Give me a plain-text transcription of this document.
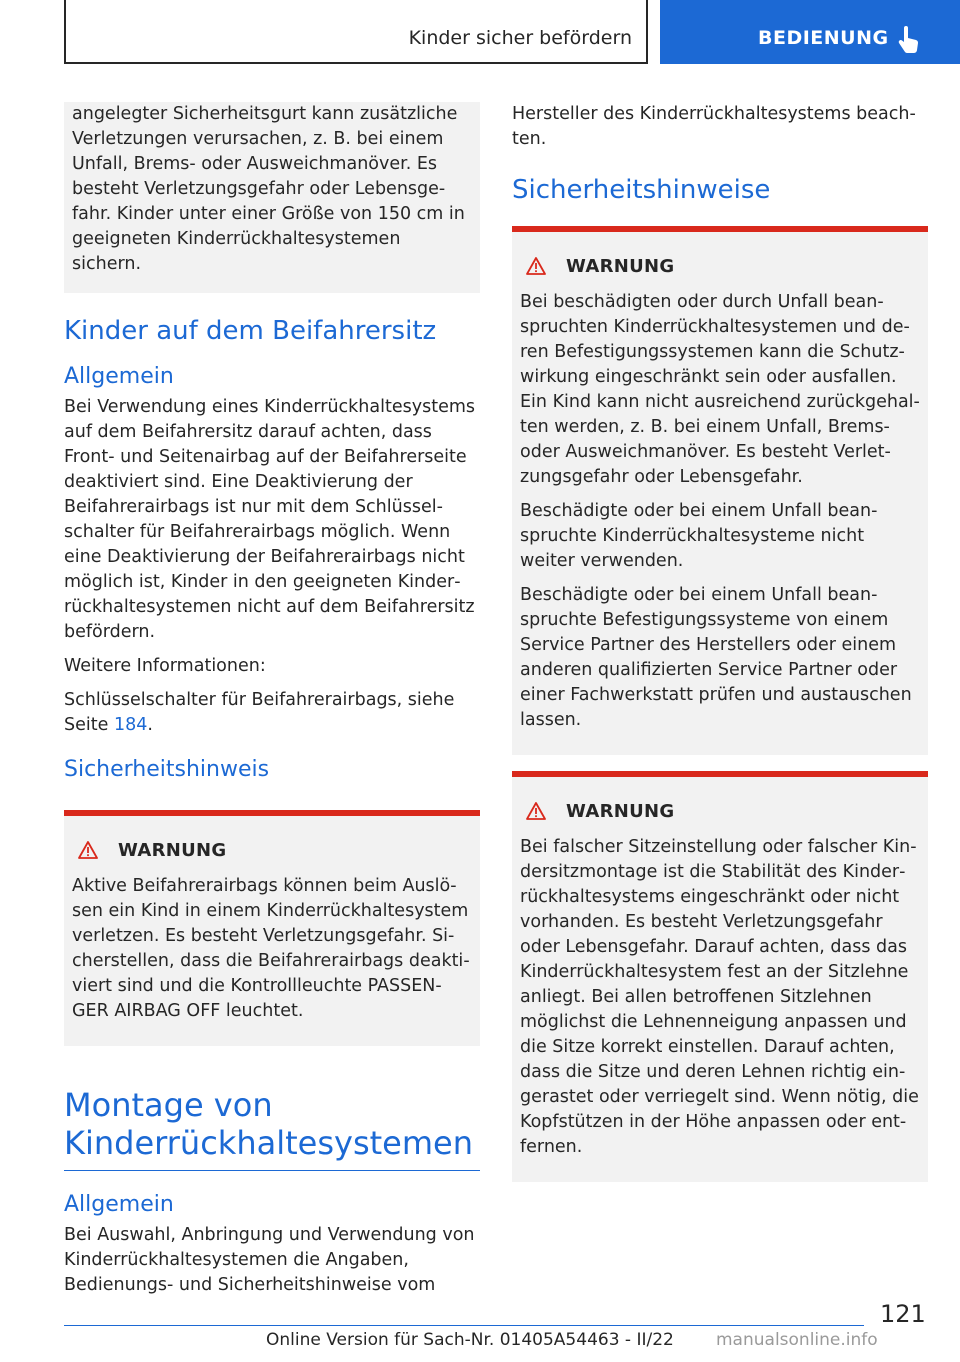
Kinder sicher befördern	BEDIENUNG

angelegter Sicherheitsgurt kann zusätzliche Verletzungen verursachen, z. B. bei einem Unfall, Brems- oder Ausweichmanöver. Es besteht Verletzungsgefahr oder Lebensgefahr. Kinder unter einer Größe von 150 cm in geeigneten Kinderrückhaltesystemen sichern.

Kinder auf dem Beifahrersitz
Allgemein

Bei Verwendung eines Kinderrückhaltesystems auf dem Beifahrersitz darauf achten, dass Front- und Seitenairbag auf der Beifahrerseite deaktiviert sind. Eine Deaktivierung der Beifahrerairbags ist nur mit dem Schlüsselschalter für Beifahrerairbags möglich. Wenn eine Deaktivierung der Beifahrerairbags nicht möglich ist, Kinder in den geeigneten Kinderrückhaltesystemen nicht auf dem Beifahrersitz befördern.

Weitere Informationen:

Schlüsselschalter für Beifahrerairbags, siehe Seite 184.

Sicherheitshinweis
WARNUNG

Aktive Beifahrerairbags können beim Auslösen ein Kind in einem Kinderrückhaltesystem verletzen. Es besteht Verletzungsgefahr. Sicherstellen, dass die Beifahrerairbags deaktiviert sind und die Kontrollleuchte PASSENGER AIRBAG OFF leuchtet.

Montage von
Kinderrückhaltesystemen
Allgemein

Bei Auswahl, Anbringung und Verwendung von Kinderrückhaltesystemen die Angaben, Bedienungs- und Sicherheitshinweise vom

Hersteller des Kinderrückhaltesystems beachten.

Sicherheitshinweise
WARNUNG

Bei beschädigten oder durch Unfall beanspruchten Kinderrückhaltesystemen und deren Befestigungssystemen kann die Schutzwirkung eingeschränkt sein oder ausfallen. Ein Kind kann nicht ausreichend zurückgehalten werden, z. B. bei einem Unfall, Brems- oder Ausweichmanöver. Es besteht Verletzungsgefahr oder Lebensgefahr.

Beschädigte oder bei einem Unfall beanspruchte Kinderrückhaltesysteme nicht weiter verwenden.

Beschädigte oder bei einem Unfall beanspruchte Befestigungssysteme von einem Service Partner des Herstellers oder einem anderen qualifizierten Service Partner oder einer Fachwerkstatt prüfen und austauschen lassen.

WARNUNG

Bei falscher Sitzeinstellung oder falscher Kindersitzmontage ist die Stabilität des Kinderrückhaltesystems eingeschränkt oder nicht vorhanden. Es besteht Verletzungsgefahr oder Lebensgefahr. Darauf achten, dass das Kinderrückhaltesystem fest an der Sitzlehne anliegt. Bei allen betroffenen Sitzlehnen möglichst die Lehnenneigung anpassen und die Sitze korrekt einstellen. Darauf achten, dass die Sitze und deren Lehnen richtig eingerastet oder verriegelt sind. Wenn nötig, die Kopfstützen in der Höhe anpassen oder entfernen.

121
Online Version für Sach-Nr. 01405A54463 - II/22 manualsonline.info
